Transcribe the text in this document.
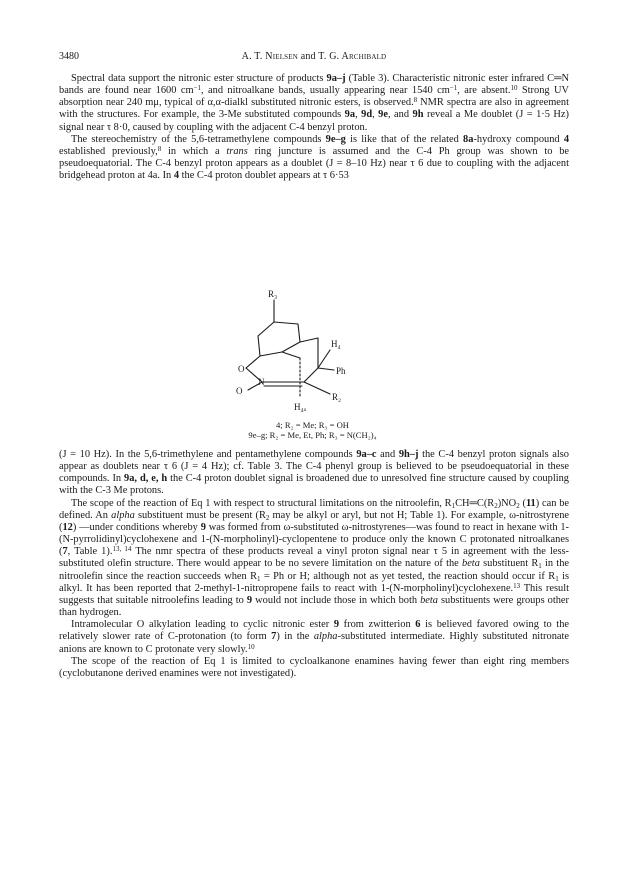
3480	A. T. Nielsen and T. G. Archibald

Spectral data support the nitronic ester structure of products 9a–j (Table 3). Characteristic nitronic ester infrared C═N bands are found near 1600 $cm^{-1}$, and nitroalkane bands, usually appearing near 1540 $cm^{-1}$, are absent.$^{10}$ Strong UV absorption near 240 mμ, typical of α,α-dialkl substituted nitronic esters, is observed.$^8$ NMR spectra are also in agreement with the structures. For example, the 3-Me substituted compounds 9a, 9d, 9e, and 9h reveal a Me doublet (J = 1·5 Hz) signal near τ 8·0, caused by coupling with the adjacent C-4 benzyl proton.

The stereochemistry of the 5,6-tetramethylene compounds 9e–g is like that of the related 8a-hydroxy compound 4 established previously,$^8$ in which a trans ring juncture is assumed and the C-4 Ph group was shown to be pseudoequatorial. The C-4 benzyl proton appears as a doublet (J = 8–10 Hz) near τ 6 due to coupling with the adjacent bridgehead proton at 4a. In 4 the C-4 proton doublet appears at τ 6·53

R₃
H₄
Ph
R₂
H₄ₐ
O
O
N
4; R₂ = Me; R₃ = OH
9e–g; R₂ = Me, Et, Ph; R₃ = N(CH₂)₄

(J = 10 Hz). In the 5,6-trimethylene and pentamethylene compounds 9a–c and 9h–j the C-4 benzyl proton signals also appear as doublets near τ 6 (J = 4 Hz); cf. Table 3. The C-4 phenyl group is believed to be pseudoequatorial in these compounds. In 9a, d, e, h the C-4 proton doublet signal is broadened due to unresolved fine structure caused by coupling with the C-3 Me protons.

The scope of the reaction of Eq 1 with respect to structural limitations on the nitroolefin, $R_1CH═C(R_2)NO_2$ (11) can be defined. An alpha substituent must be present ($R_2$ may be alkyl or aryl, but not H; Table 1). For example, ω-nitrostyrene (12) —under conditions whereby 9 was formed from ω-substituted ω-nitrostyrenes—was found to react in hexane with 1-(N-pyrrolidinyl)cyclohexene and 1-(N-morpholinyl)-cyclopentene to produce only the known C protonated nitroalkanes (7, Table 1).$^{13, 14}$ The nmr spectra of these products reveal a vinyl proton signal near τ 5 in agreement with the less-substituted olefin structure. There would appear to be no severe limitation on the nature of the beta substituent $R_1$ in the nitroolefin since the reaction succeeds when $R_1 = Ph$ or H; although not as yet tested, the reaction should occur if $R_1$ is alkyl. It has been reported that 2-methyl-1-nitropropene fails to react with 1-(N-morpholinyl)cyclohexene.$^{13}$ This result suggests that suitable nitroolefins leading to 9 would not include those in which both beta substituents were groups other than hydrogen.

Intramolecular O alkylation leading to cyclic nitronic ester 9 from zwitterion 6 is believed favored owing to the relatively slower rate of C-protonation (to form 7) in the alpha-substituted intermediate. Highly substituted nitronate anions are known to C protonate very slowly.$^{10}$

The scope of the reaction of Eq 1 is limited to cycloalkanone enamines having fewer than eight ring members (cyclobutanone derived enamines were not investigated).
